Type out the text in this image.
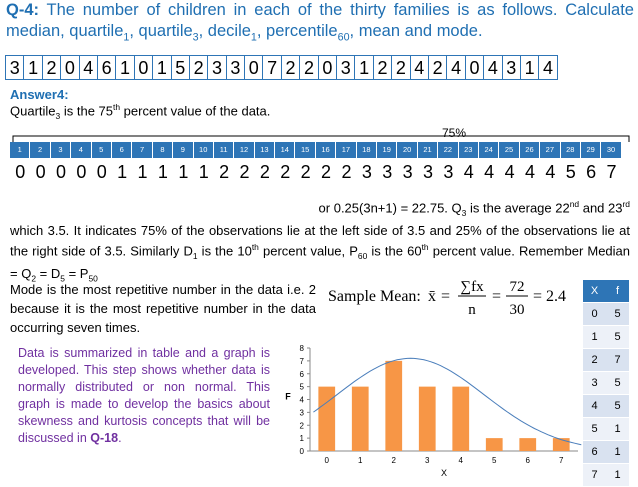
Q-4: The number of children in each of the thirty families is as follows. Calculate median, quartile$_1$, quartile$_3$, decile$_1$, percentile$_{60}$, mean and mode.
3 1 2 0 4 6 1 0 1 5 2 3 3 0 7 2 2 0 3 1 2 2 4 2 4 0 4 3 1 4
Answer4:
Quartile$_3$ is the 75th percent value of the data.
75%
1	2	3	4	5	6	7	8	9	10	11	12	13	14	15	16	17	18	19	20	21	22	23	24	25	26	27	28	29	30
0 0 0 0 0 1 1 1 1 1 2 2 2 2 2 2 2 3 3 3 3 3 4 4 4 4 4 5 6 7
or 0.25(3n+1) = 22.75. $Q_3$ is the average 22nd and 23rd
which 3.5. It indicates 75% of the observations lie at the left side of 3.5 and 25% of the observations lie at the right side of 3.5. Similarly $D_1$ is the 10th percent value, $P_{60}$ is the 60th percent value. Remember Median = $Q_2 = D_5 = P_{50}$
Mode is the most repetitive number in the data i.e. 2 because it is the most repetitive number in the data occurring seven times.
Sample Mean: x̄ =
∑fx
n
=
72
30
= 2.4
Data is summarized in table and a graph is developed. This step shows whether data is normally distributed or non normal. This graph is made to develop the basics about skewness and kurtosis concepts that will be discussed in Q-18.
X	f
0	5
1	5
2	7
3	5
4	5
5	1
6	1
7	1
0
1
2
3
4
5
6
7
8
0	1	2	3	4	5	6	7
X
F
